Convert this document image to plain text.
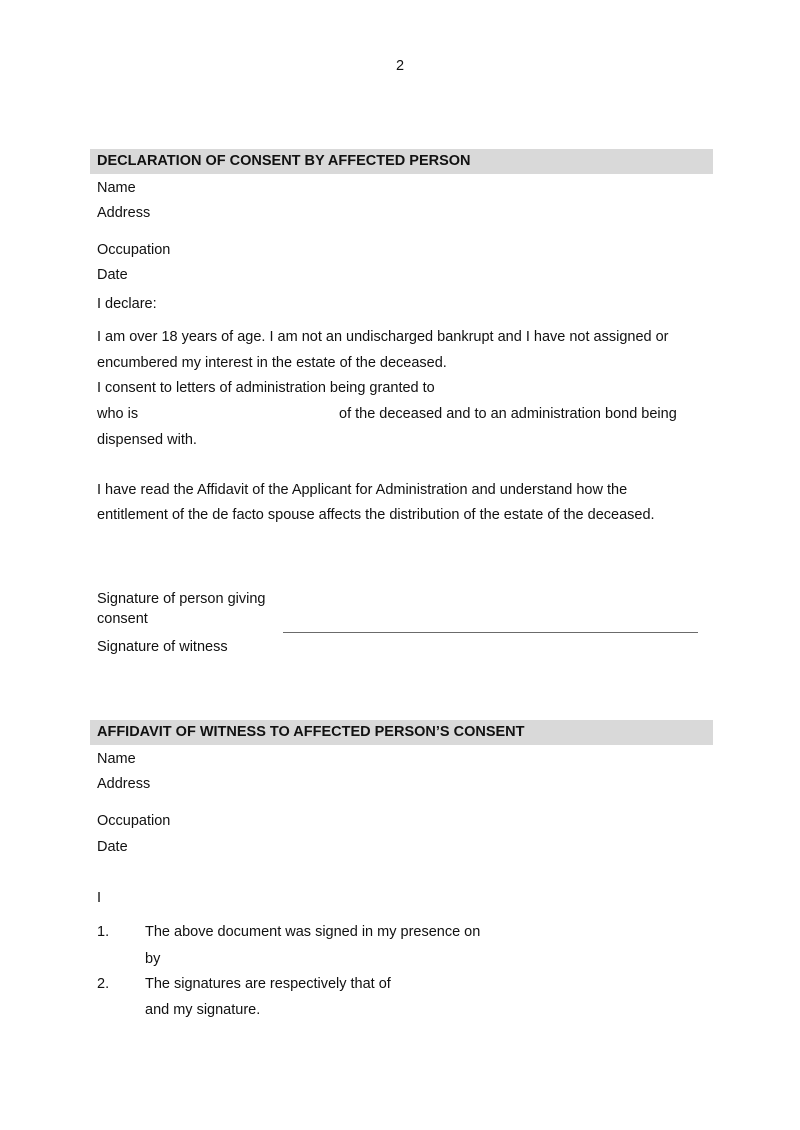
2
DECLARATION OF CONSENT BY AFFECTED PERSON
Name
Address
Occupation
Date
I declare:
I am over 18 years of age. I am not an undischarged bankrupt and I have not assigned or
encumbered my interest in the estate of the deceased.
I consent to letters of administration being granted to
who is	of the deceased and to an administration bond being
dispensed with.
I have read the Affidavit of the Applicant for Administration and understand how the
entitlement of the de facto spouse affects the distribution of the estate of the deceased.
Signature of person giving
consent
Signature of witness
AFFIDAVIT OF WITNESS TO AFFECTED PERSON’S CONSENT
Name
Address
Occupation
Date
I
1. The above document was signed in my presence on
by
2. The signatures are respectively that of
and my signature.
